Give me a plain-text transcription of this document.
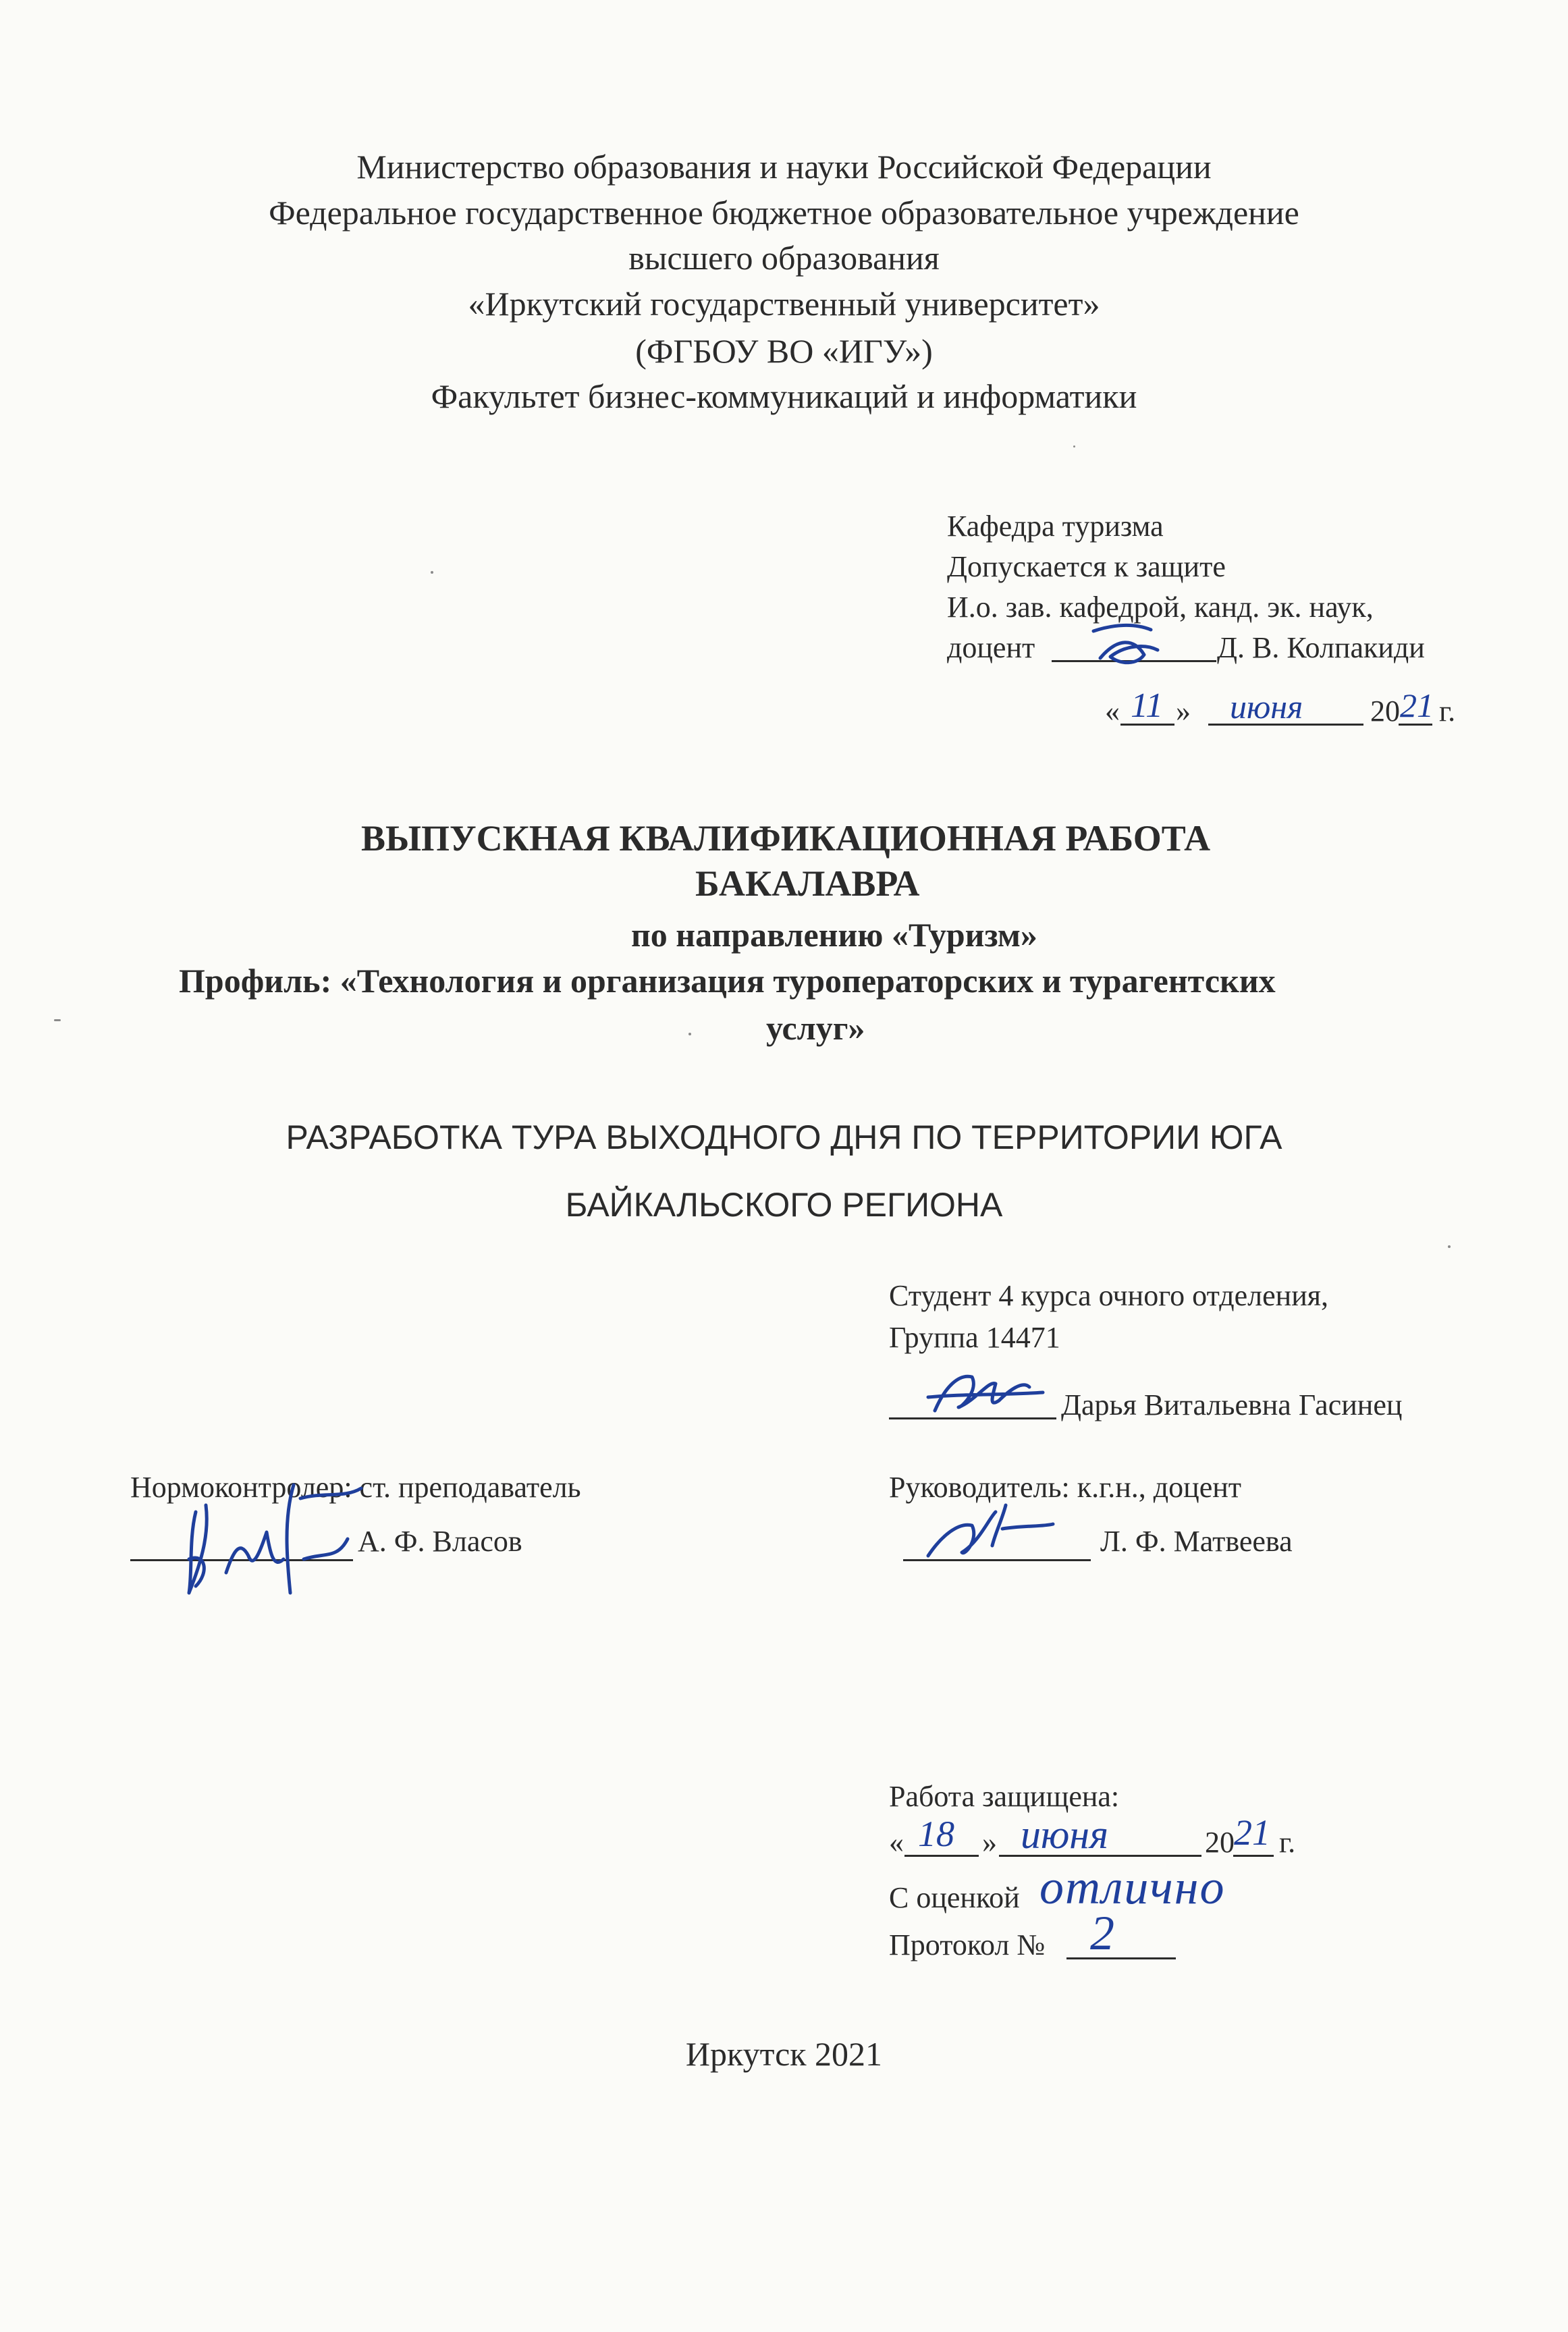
Министерство образования и науки Российской Федерации
Федеральное государственное бюджетное образовательное учреждение
высшего образования
«Иркутский государственный университет»
(ФГБОУ ВО «ИГУ»)
Факультет бизнес-коммуникаций и информатики
Кафедра туризма
Допускается к защите
И.о. зав. кафедрой, канд. эк. наук,
доцент	Д. В. Колпакиди
« 11 » июня 20 21 г.
ВЫПУСКНАЯ КВАЛИФИКАЦИОННАЯ РАБОТА
БАКАЛАВРА
по направлению «Туризм»
Профиль: «Технология и организация туроператорских и турагентских
услуг»
РАЗРАБОТКА ТУРА ВЫХОДНОГО ДНЯ ПО ТЕРРИТОРИИ ЮГА
БАЙКАЛЬСКОГО РЕГИОНА
Студент 4 курса очного отделения,
Группа 14471
Дарья Витальевна Гасинец
Нормоконтролер: ст. преподаватель
А. Ф. Власов
Руководитель: к.г.н., доцент
Л. Ф. Матвеева
Работа защищена:
« 18 » июня	20 21 г.
С оценкой отлично
Протокол № 2
Иркутск 2021
